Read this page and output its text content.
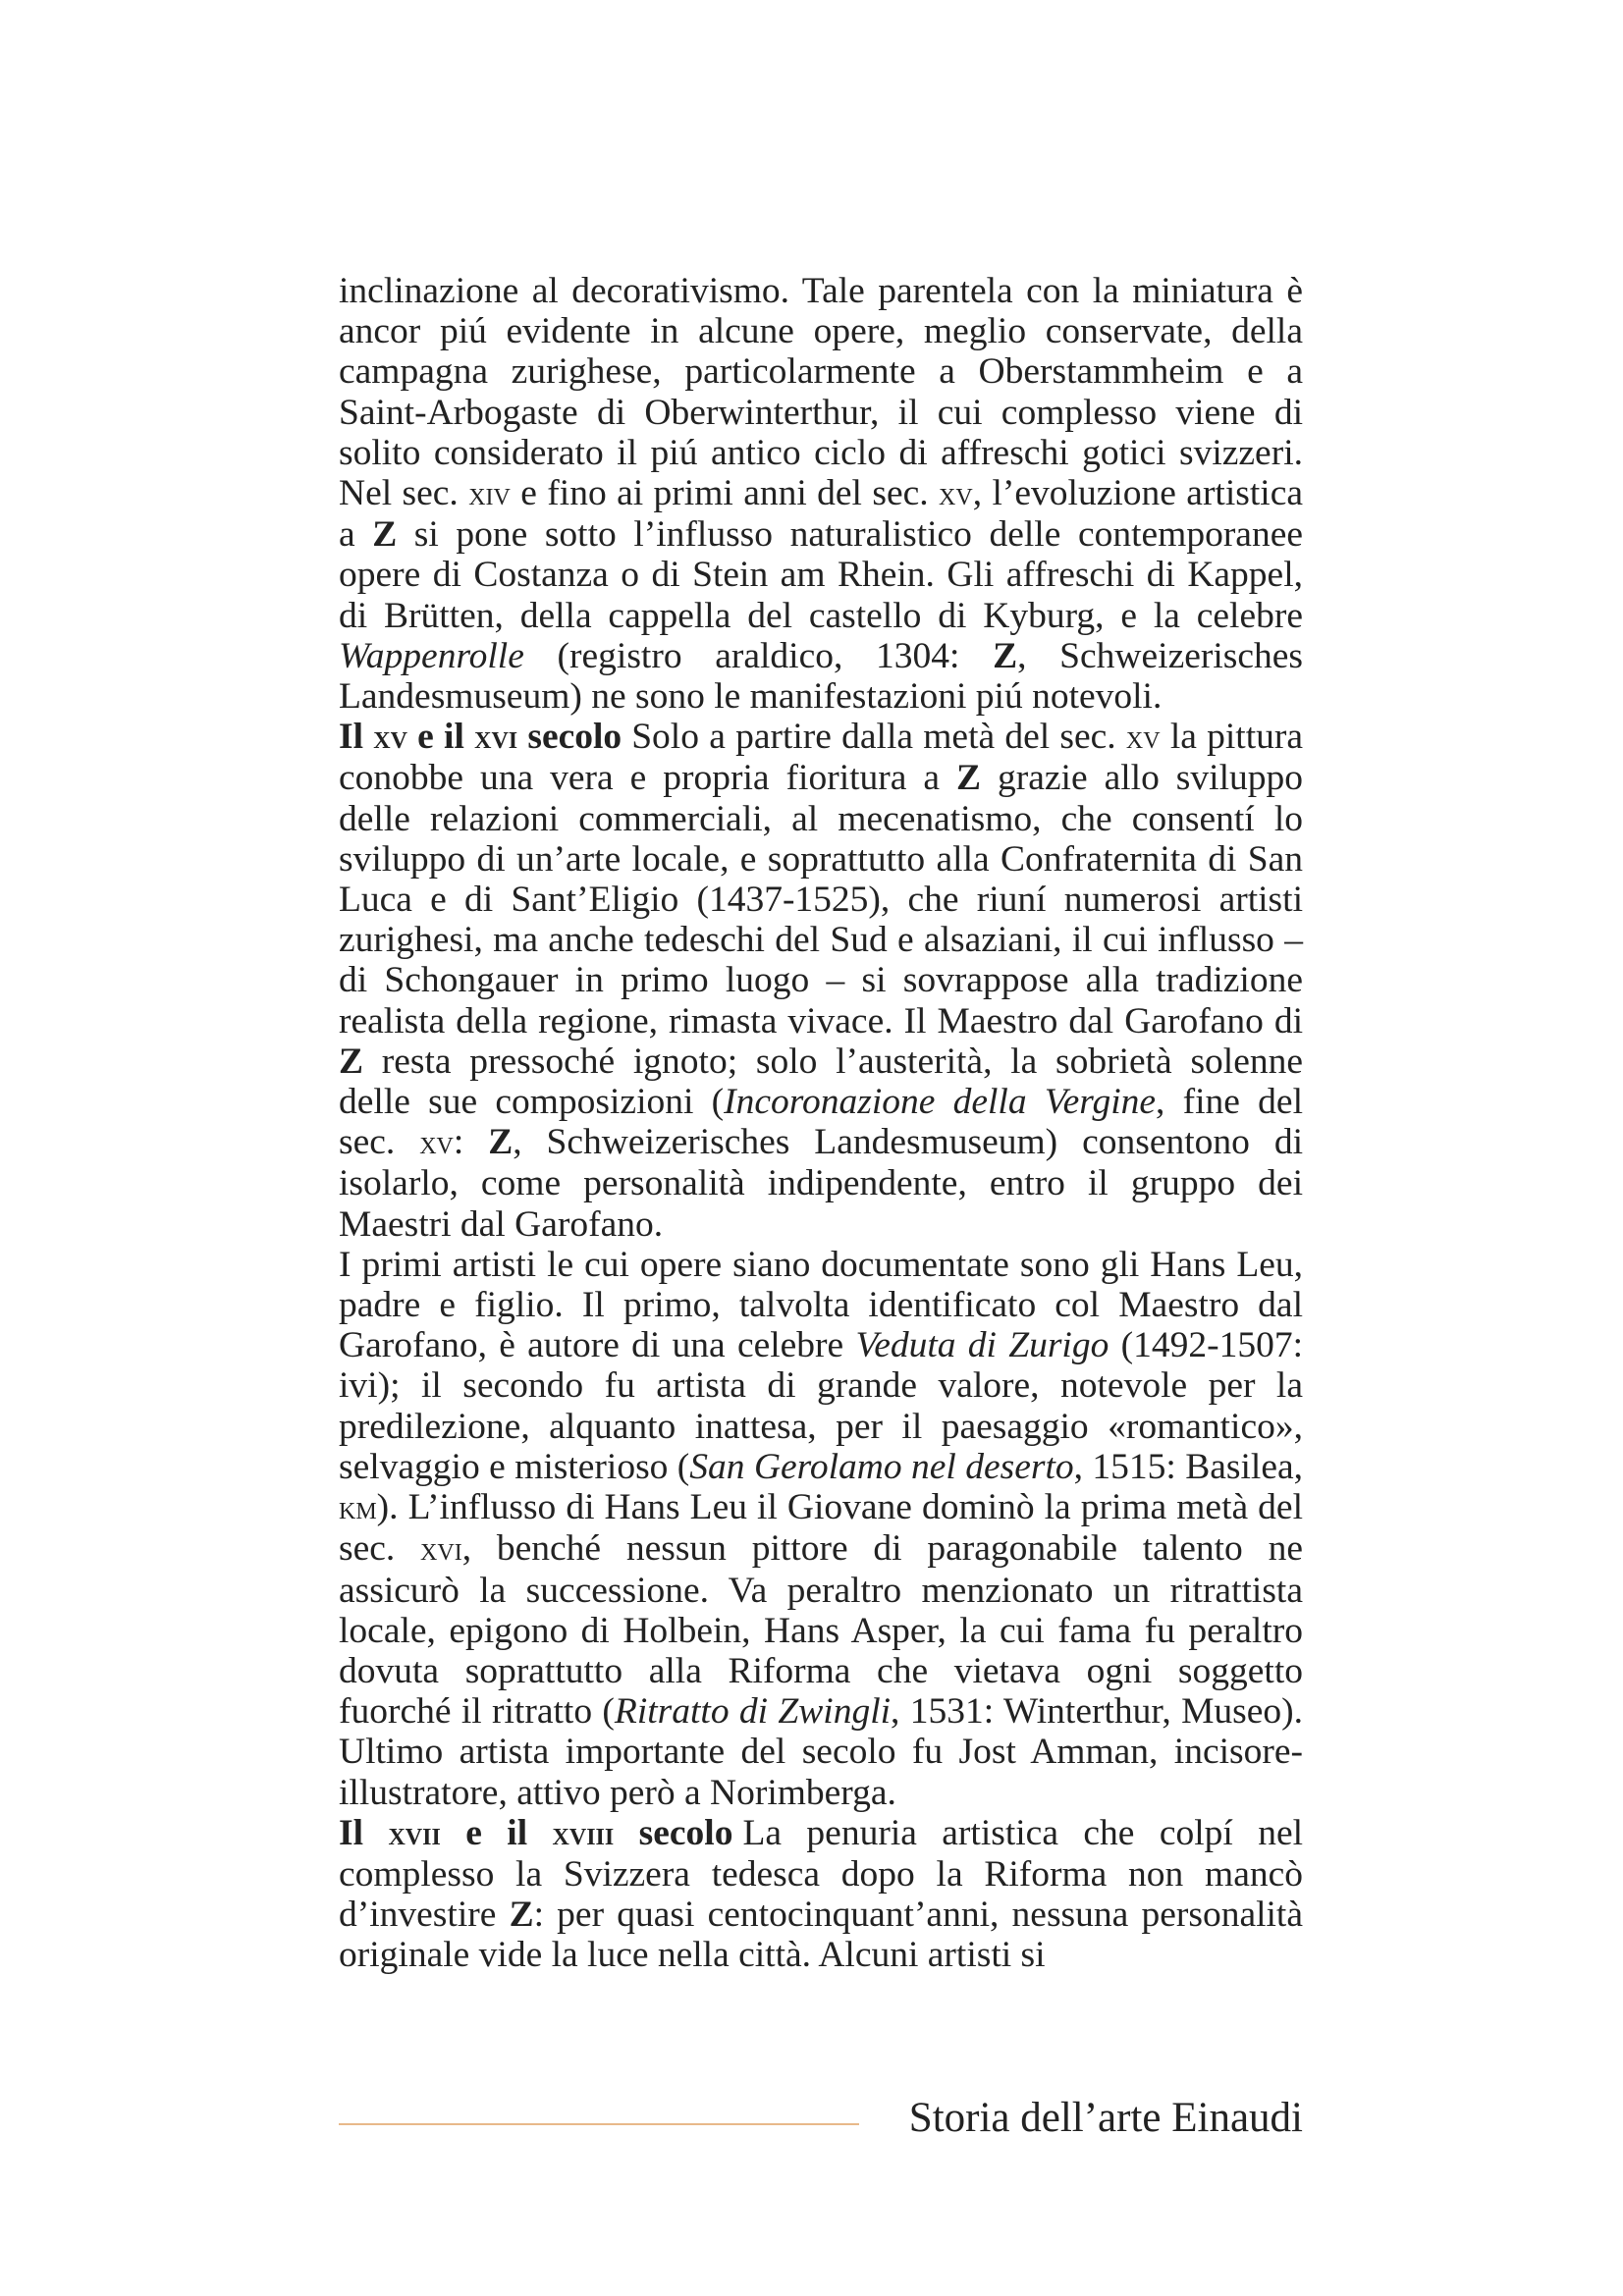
inclinazione al decorativismo. Tale parentela con la miniatura è ancor piú evidente in alcune opere, meglio conservate, della campagna zurighese, particolarmente a Oberstammheim e a Saint-Arbogaste di Oberwinterthur, il cui complesso viene di solito considerato il piú antico ciclo di affreschi gotici svizzeri. Nel sec. xiv e fino ai primi anni del sec. xv, l’evoluzione artistica a Z si pone sotto l’influsso naturalistico delle contemporanee opere di Costanza o di Stein am Rhein. Gli affreschi di Kappel, di Brütten, della cappella del castello di Kyburg, e la celebre Wappenrolle (registro araldico, 1304: Z, Schweizerisches Landesmuseum) ne sono le manifestazioni piú notevoli.

Il xv e il xvi secolo Solo a partire dalla metà del sec. xv la pittura conobbe una vera e propria fioritura a Z grazie allo sviluppo delle relazioni commerciali, al mecenatismo, che consentí lo sviluppo di un’arte locale, e soprattutto alla Confraternita di San Luca e di Sant’Eligio (1437-1525), che riuní numerosi artisti zurighesi, ma anche tedeschi del Sud e alsaziani, il cui influsso – di Schongauer in primo luogo – si sovrappose alla tradizione realista della regione, rimasta vivace. Il Maestro dal Garofano di Z resta pressoché ignoto; solo l’austerità, la sobrietà solenne delle sue composizioni (Incoronazione della Vergine, fine del sec. xv: Z, Schweizerisches Landesmuseum) consentono di isolarlo, come personalità indipendente, entro il gruppo dei Maestri dal Garofano.

I primi artisti le cui opere siano documentate sono gli Hans Leu, padre e figlio. Il primo, talvolta identificato col Maestro dal Garofano, è autore di una celebre Veduta di Zurigo (1492-1507: ivi); il secondo fu artista di grande valore, notevole per la predilezione, alquanto inattesa, per il paesaggio «romantico», selvaggio e misterioso (San Gerolamo nel deserto, 1515: Basilea, km). L’influsso di Hans Leu il Giovane dominò la prima metà del sec. xvi, benché nessun pittore di paragonabile talento ne assicurò la successione. Va peraltro menzionato un ritrattista locale, epigono di Holbein, Hans Asper, la cui fama fu peraltro dovuta soprattutto alla Riforma che vietava ogni soggetto fuorché il ritratto (Ritratto di Zwingli, 1531: Winterthur, Museo). Ultimo artista importante del secolo fu Jost Amman, incisore-illustratore, attivo però a Norimberga.

Il xvii e il xviii secolo La penuria artistica che colpí nel complesso la Svizzera tedesca dopo la Riforma non mancò d’investire Z: per quasi centocinquant’anni, nessuna personalità originale vide la luce nella città. Alcuni artisti si

Storia dell’arte Einaudi
